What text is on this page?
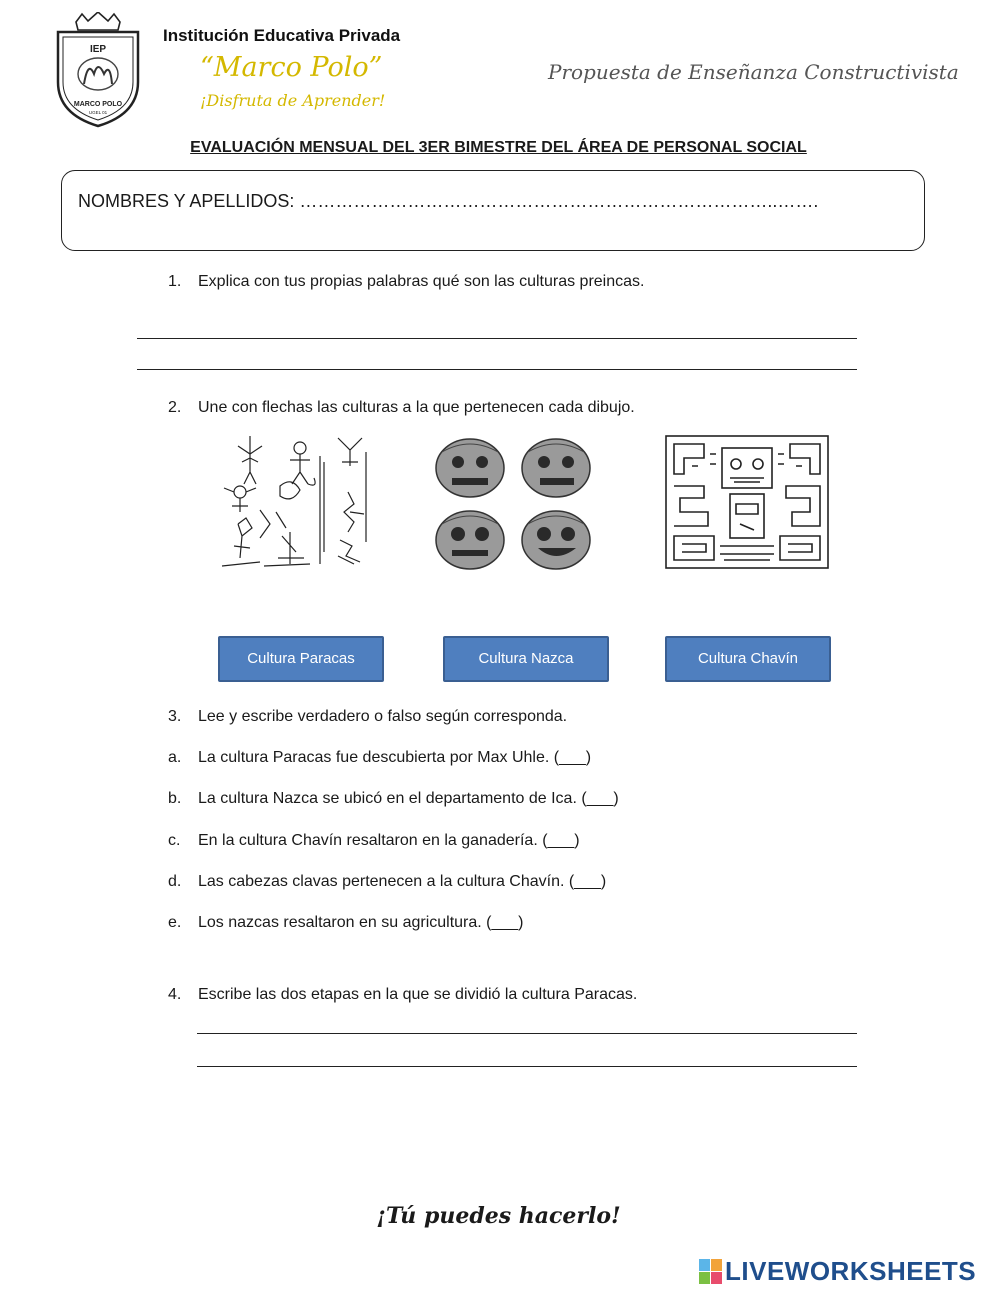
IEP
MARCO POLO
UGEL 01
Institución Educativa Privada
“Marco Polo”
¡Disfruta de Aprender!
Propuesta de Enseñanza Constructivista
EVALUACIÓN MENSUAL DEL 3ER BIMESTRE DEL ÁREA DE PERSONAL SOCIAL
NOMBRES Y APELLIDOS: ……………………………………………………………………..…….
1. Explica con tus propias palabras qué son las culturas preincas.
2. Une con flechas las culturas a la que pertenecen cada dibujo.
Cultura Paracas	Cultura Nazca	Cultura Chavín
3. Lee y escribe verdadero o falso según corresponda.
a. La cultura Paracas fue descubierta por Max Uhle. (___)
b. La cultura Nazca se ubicó en el departamento de Ica. (___)
c. En la cultura Chavín resaltaron en la ganadería. (___)
d. Las cabezas clavas pertenecen a la cultura Chavín. (___)
e. Los nazcas resaltaron en su agricultura. (___)
4. Escribe las dos etapas en la que se dividió la cultura Paracas.
¡Tú puedes hacerlo!
LIVEWORKSHEETS
